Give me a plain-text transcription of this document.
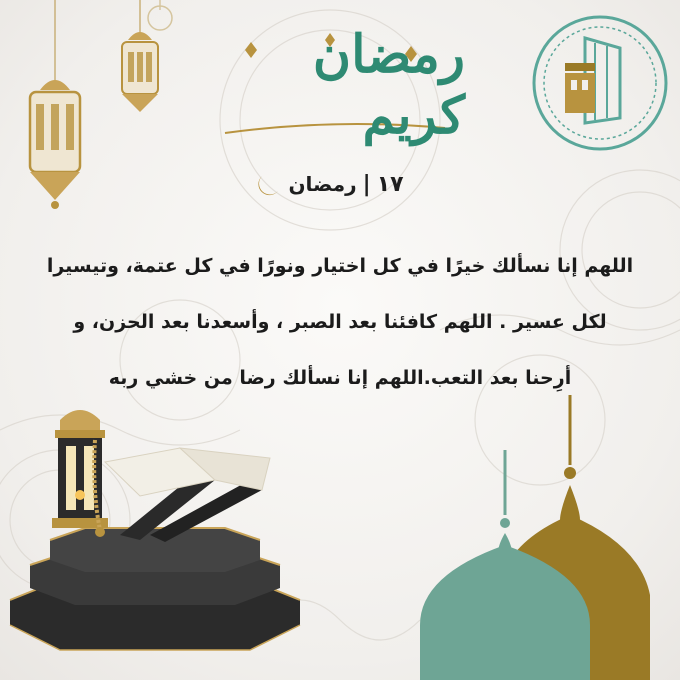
رمضان كريم
١٧
|
رمضان
اللهم إنا نسألك خيرًا في كل اختيار ونورًا في كل عتمة، وتيسيرا
لكل عسير . اللهم كافئنا بعد الصبر ، وأسعدنا بعد الحزن، و
أرِحنا بعد التعب.اللهم إنا نسألك رضا من خشي ربه
